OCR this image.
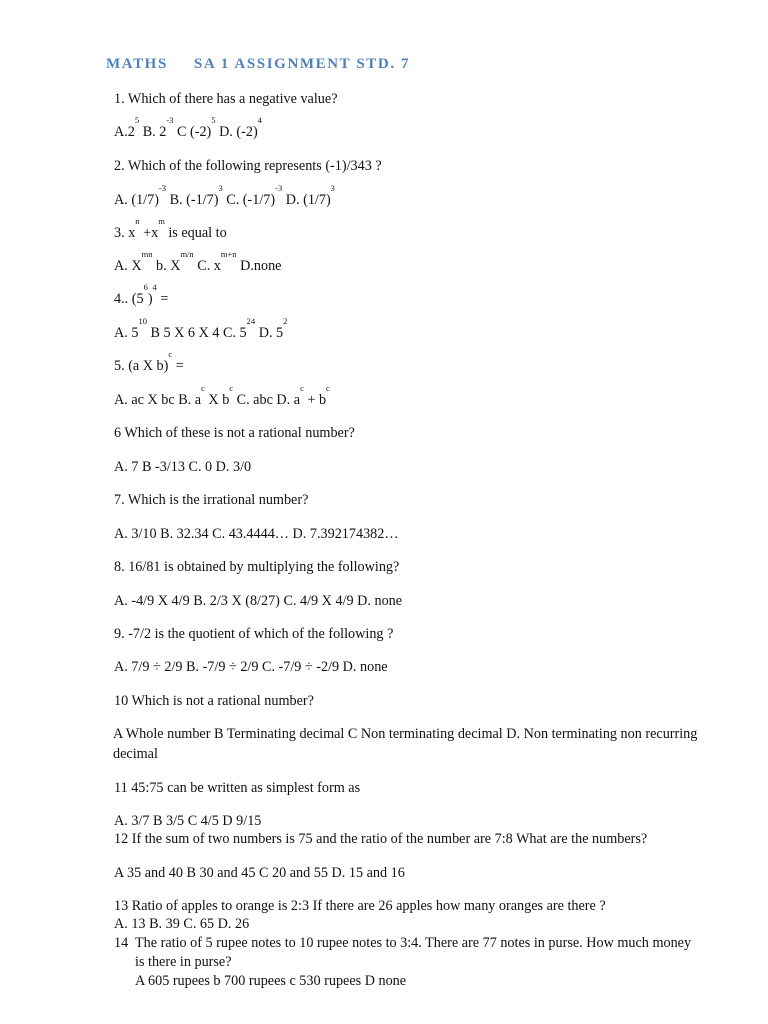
MATHS SA 1 ASSIGNMENT STD. 7
1. Which of there has a negative value?
$A.2^5$ B. $2^{-3}$ C $(-2)^5$ D. $(-2)^4$
2. Which of the following represents (-1)/343 ?
A. $(1/7)^{-3}$ B. $(-1/7)^3$ C. $(-1/7)^{-3}$ D. $(1/7)^3$
3. $x^n +x^m$ is equal to
A. $X^{mn}$ b. $X^{m/n}$ C. $x^{m+n}$ D.none
4.. $(5^6)^4$ =
A. $5^{10}$ B 5 X 6 X 4 C. $5^{24}$ D. $5^2$
5. (a X b)$^c$ =
A. ac X bc B. $a^c$ X $b^c$ C. abc D. $a^c + b^c$
6 Which of these is not a rational number?
A. 7 B -3/13 C. 0 D. 3/0
7. Which is the irrational number?
A. 3/10 B. 32.34 C. 43.4444… D. 7.392174382…
8. 16/81 is obtained by multiplying the following?
A. -4/9 X 4/9 B. 2/3 X (8/27) C. 4/9 X 4/9 D. none
9. -7/2 is the quotient of which of the following ?
A. 7/9 ÷ 2/9 B. -7/9 ÷ 2/9 C. -7/9 ÷ -2/9 D. none
10 Which is not a rational number?
A Whole number B Terminating decimal C Non terminating decimal D. Non terminating non recurring decimal
11 45:75 can be written as simplest form as
A. 3/7 B 3/5 C 4/5 D 9/15
12 If the sum of two numbers is 75 and the ratio of the number are 7:8 What are the numbers?
A 35 and 40 B 30 and 45 C 20 and 55 D. 15 and 16
13 Ratio of apples to orange is 2:3 If there are 26 apples how many oranges are there ?
A. 13 B. 39 C. 65 D. 26
14 The ratio of 5 rupee notes to 10 rupee notes to 3:4. There are 77 notes in purse. How much money
is there in purse?
A 605 rupees b 700 rupees c 530 rupees D none
